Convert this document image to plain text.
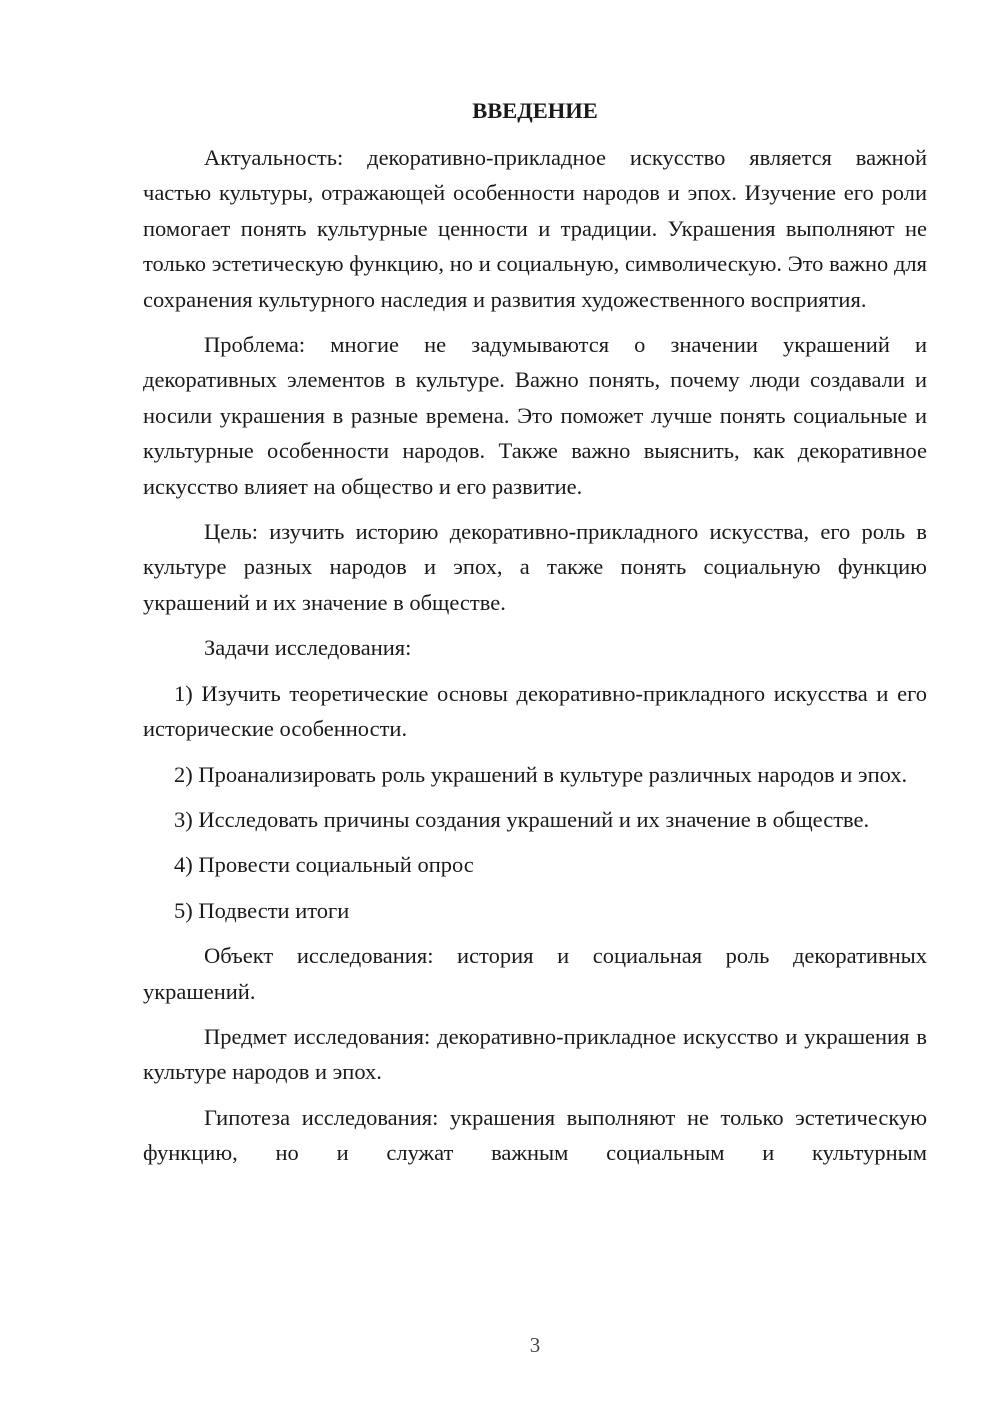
ВВЕДЕНИЕ

Актуальность: декоративно-прикладное искусство является важной частью культуры, отражающей особенности народов и эпох. Изучение его роли помогает понять культурные ценности и традиции. Украшения выполняют не только эстетическую функцию, но и социальную, символическую. Это важно для сохранения культурного наследия и развития художественного восприятия.

Проблема: многие не задумываются о значении украшений и декоративных элементов в культуре. Важно понять, почему люди создавали и носили украшения в разные времена. Это поможет лучше понять социальные и культурные особенности народов. Также важно выяснить, как декоративное искусство влияет на общество и его развитие.

Цель: изучить историю декоративно-прикладного искусства, его роль в культуре разных народов и эпох, а также понять социальную функцию украшений и их значение в обществе.

Задачи исследования:

1) Изучить теоретические основы декоративно-прикладного искусства и его исторические особенности.

2) Проанализировать роль украшений в культуре различных народов и эпох.

3) Исследовать причины создания украшений и их значение в обществе.

4) Провести социальный опрос

5) Подвести итоги

Объект исследования: история и социальная роль декоративных украшений.

Предмет исследования: декоративно-прикладное искусство и украшения в культуре народов и эпох.

Гипотеза исследования: украшения выполняют не только эстетическую функцию, но и служат важным социальным и культурным

3
